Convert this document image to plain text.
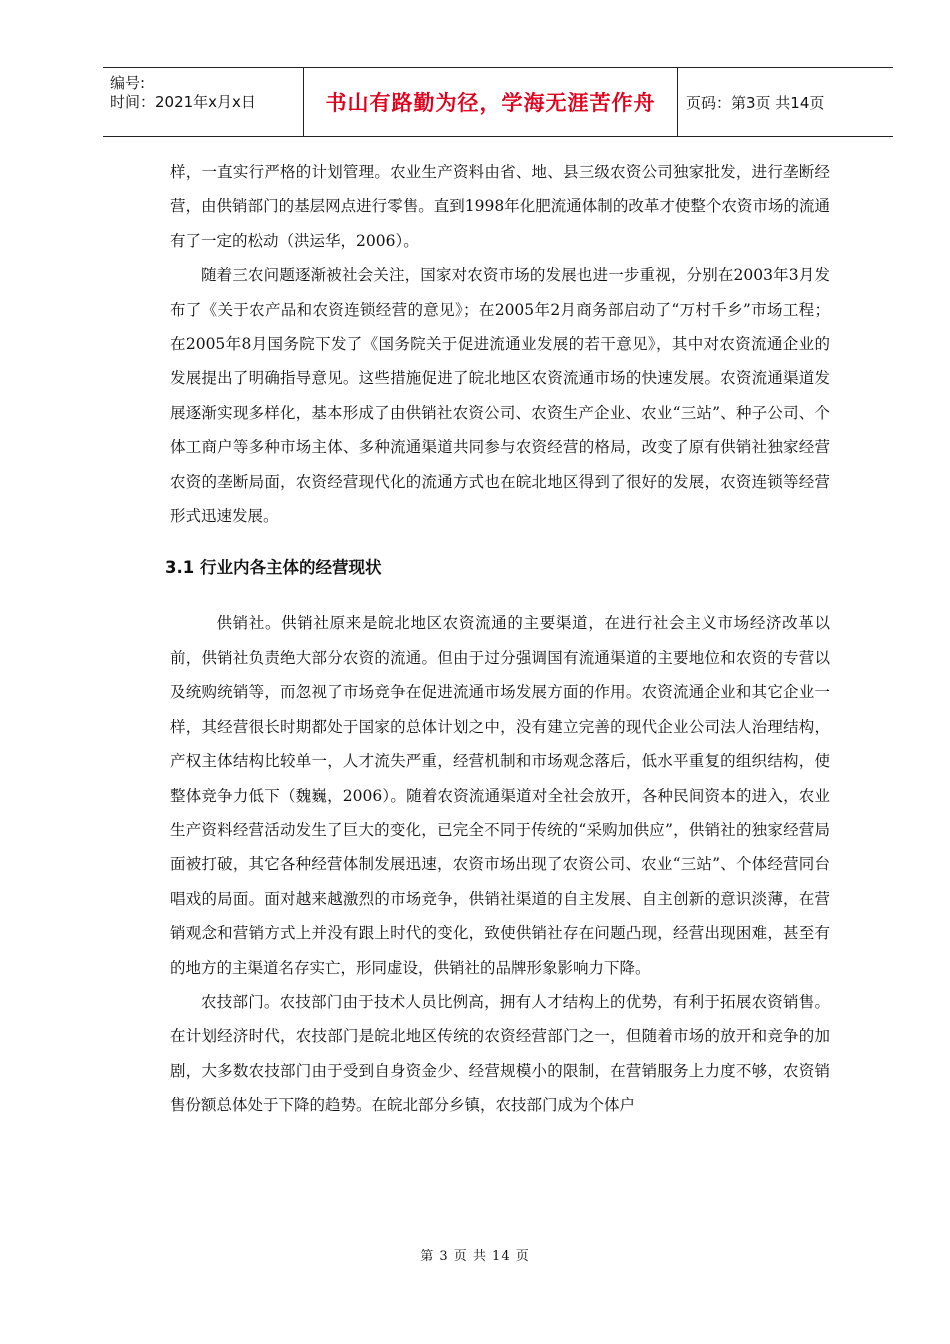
编号:
时间：2021年x月x日	书山有路勤为径，学海无涯苦作舟 页码：第3页 共14页

样，一直实行严格的计划管理。农业生产资料由省、地、县三级农资公司独家批发，进行垄断经营，由供销部门的基层网点进行零售。直到1998年化肥流通体制的改革才使整个农资市场的流通有了一定的松动（洪运华，2006）。

随着三农问题逐渐被社会关注，国家对农资市场的发展也进一步重视，分别在2003年3月发布了《关于农产品和农资连锁经营的意见》；在2005年2月商务部启动了“万村千乡”市场工程；在2005年8月国务院下发了《国务院关于促进流通业发展的若干意见》，其中对农资流通企业的发展提出了明确指导意见。这些措施促进了皖北地区农资流通市场的快速发展。农资流通渠道发展逐渐实现多样化，基本形成了由供销社农资公司、农资生产企业、农业“三站”、种子公司、个体工商户等多种市场主体、多种流通渠道共同参与农资经营的格局，改变了原有供销社独家经营农资的垄断局面，农资经营现代化的流通方式也在皖北地区得到了很好的发展，农资连锁等经营形式迅速发展。

3.1 行业内各主体的经营现状

供销社。供销社原来是皖北地区农资流通的主要渠道，在进行社会主义市场经济改革以前，供销社负责绝大部分农资的流通。但由于过分强调国有流通渠道的主要地位和农资的专营以及统购统销等，而忽视了市场竞争在促进流通市场发展方面的作用。农资流通企业和其它企业一样，其经营很长时期都处于国家的总体计划之中，没有建立完善的现代企业公司法人治理结构，产权主体结构比较单一，人才流失严重，经营机制和市场观念落后，低水平重复的组织结构，使整体竞争力低下（魏巍，2006）。随着农资流通渠道对全社会放开，各种民间资本的进入，农业生产资料经营活动发生了巨大的变化，已完全不同于传统的“采购加供应”，供销社的独家经营局面被打破，其它各种经营体制发展迅速，农资市场出现了农资公司、农业“三站”、个体经营同台唱戏的局面。面对越来越激烈的市场竞争，供销社渠道的自主发展、自主创新的意识淡薄，在营销观念和营销方式上并没有跟上时代的变化，致使供销社存在问题凸现，经营出现困难，甚至有的地方的主渠道名存实亡，形同虚设，供销社的品牌形象影响力下降。

农技部门。农技部门由于技术人员比例高，拥有人才结构上的优势，有利于拓展农资销售。在计划经济时代，农技部门是皖北地区传统的农资经营部门之一，但随着市场的放开和竞争的加剧，大多数农技部门由于受到自身资金少、经营规模小的限制，在营销服务上力度不够，农资销售份额总体处于下降的趋势。在皖北部分乡镇，农技部门成为个体户

第 3 页 共 14 页
